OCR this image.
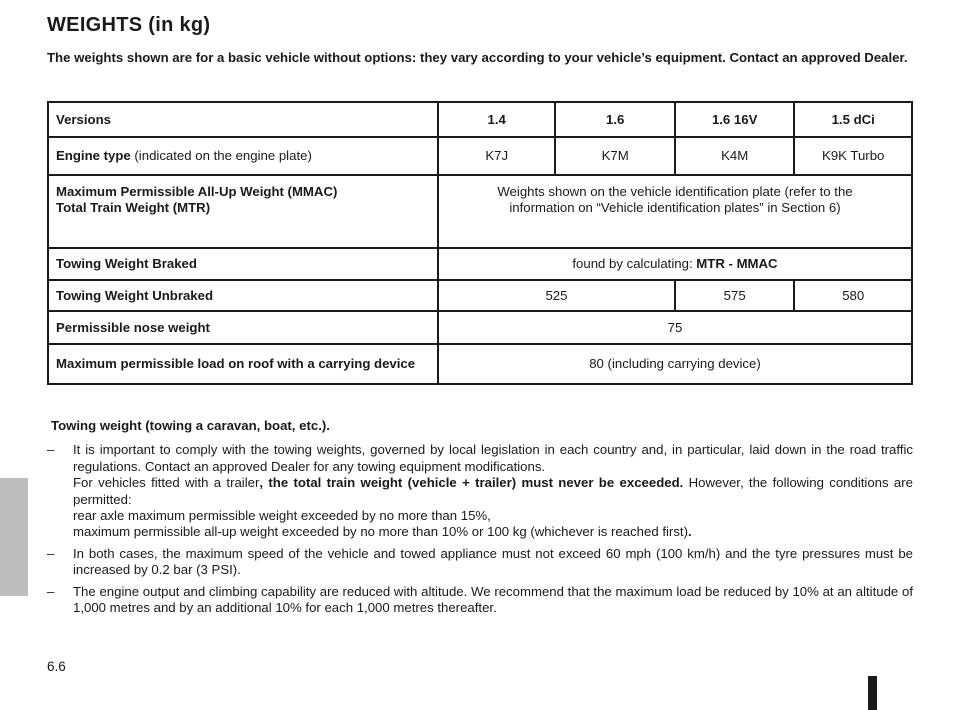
WEIGHTS (in kg)

The weights shown are for a basic vehicle without options: they vary according to your vehicle’s equipment. Contact an approved Dealer.

Versions	1.4	1.6	1.6 16V	1.5 dCi
Engine type (indicated on the engine plate)	K7J	K7M	K4M	K9K Turbo

Maximum Permissible All-Up Weight (MMAC)
Total Train Weight (MTR)	Weights shown on the vehicle identification plate (refer to the information on “Vehicle identification plates” in Section 6)			
Towing Weight Braked	found by calculating: MTR - MMAC			
Towing Weight Unbraked	525		575	580
Permissible nose weight	75			
Maximum permissible load on roof with a carrying device	80 (including carrying device)			
Towing weight (towing a caravan, boat, etc.).
– It is important to comply with the towing weights, governed by local legislation in each country and, in particular, laid down in the road traffic regulations. Contact an approved Dealer for any towing equipment modifications.

For vehicles fitted with a trailer, the total train weight (vehicle + trailer) must never be exceeded. However, the following conditions are permitted:

rear axle maximum permissible weight exceeded by no more than 15%,

maximum permissible all-up weight exceeded by no more than 10% or 100 kg (whichever is reached first).

– In both cases, the maximum speed of the vehicle and towed appliance must not exceed 60 mph (100 km/h) and the tyre pressures must be increased by 0.2 bar (3 PSI).

– The engine output and climbing capability are reduced with altitude. We recommend that the maximum load be reduced by 10% at an altitude of 1,000 metres and by an additional 10% for each 1,000 metres thereafter.

6.6
